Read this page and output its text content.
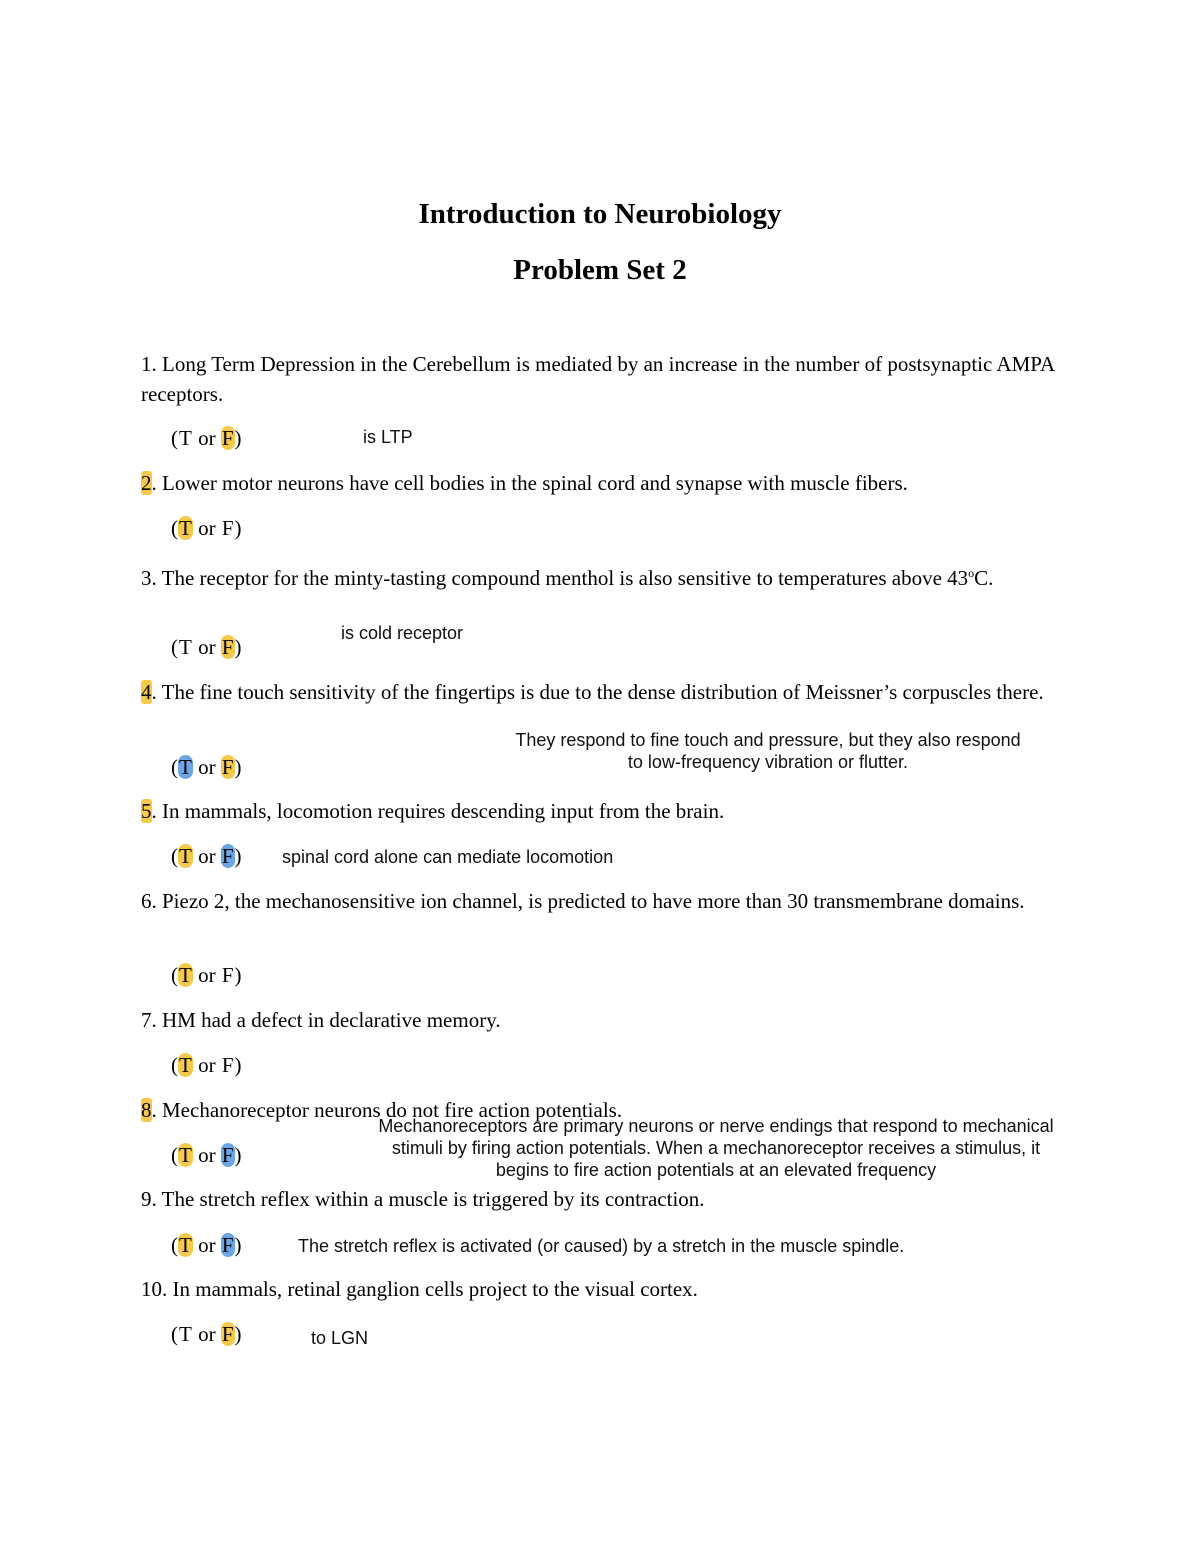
Introduction to Neurobiology
Problem Set 2

1. Long Term Depression in the Cerebellum is mediated by an increase in the number of postsynaptic AMPA receptors.

(T or F)	is LTP

2. Lower motor neurons have cell bodies in the spinal cord and synapse with muscle fibers.

(T or F)

3. The receptor for the minty-tasting compound menthol is also sensitive to temperatures above 43$^o$C.

(T or F)
is cold receptor

4. The fine touch sensitivity of the fingertips is due to the dense distribution of Meissner’s corpuscles there.

(T or F)
They respond to fine touch and pressure, but they also respond
to low-frequency vibration or flutter.

5. In mammals, locomotion requires descending input from the brain.

(T or F) spinal cord alone can mediate locomotion

6. Piezo 2, the mechanosensitive ion channel, is predicted to have more than 30 transmembrane domains.

(T or F)

7. HM had a defect in declarative memory.

(T or F)

8. Mechanoreceptor neurons do not fire action potentials.

(T or F)
Mechanoreceptors are primary neurons or nerve endings that respond to mechanical
stimuli by firing action potentials. When a mechanoreceptor receives a stimulus, it
begins to fire action potentials at an elevated frequency

9. The stretch reflex within a muscle is triggered by its contraction.

(T or F)	The stretch reflex is activated (or caused) by a stretch in the muscle spindle.

10. In mammals, retinal ganglion cells project to the visual cortex.

(T or F)	to LGN
